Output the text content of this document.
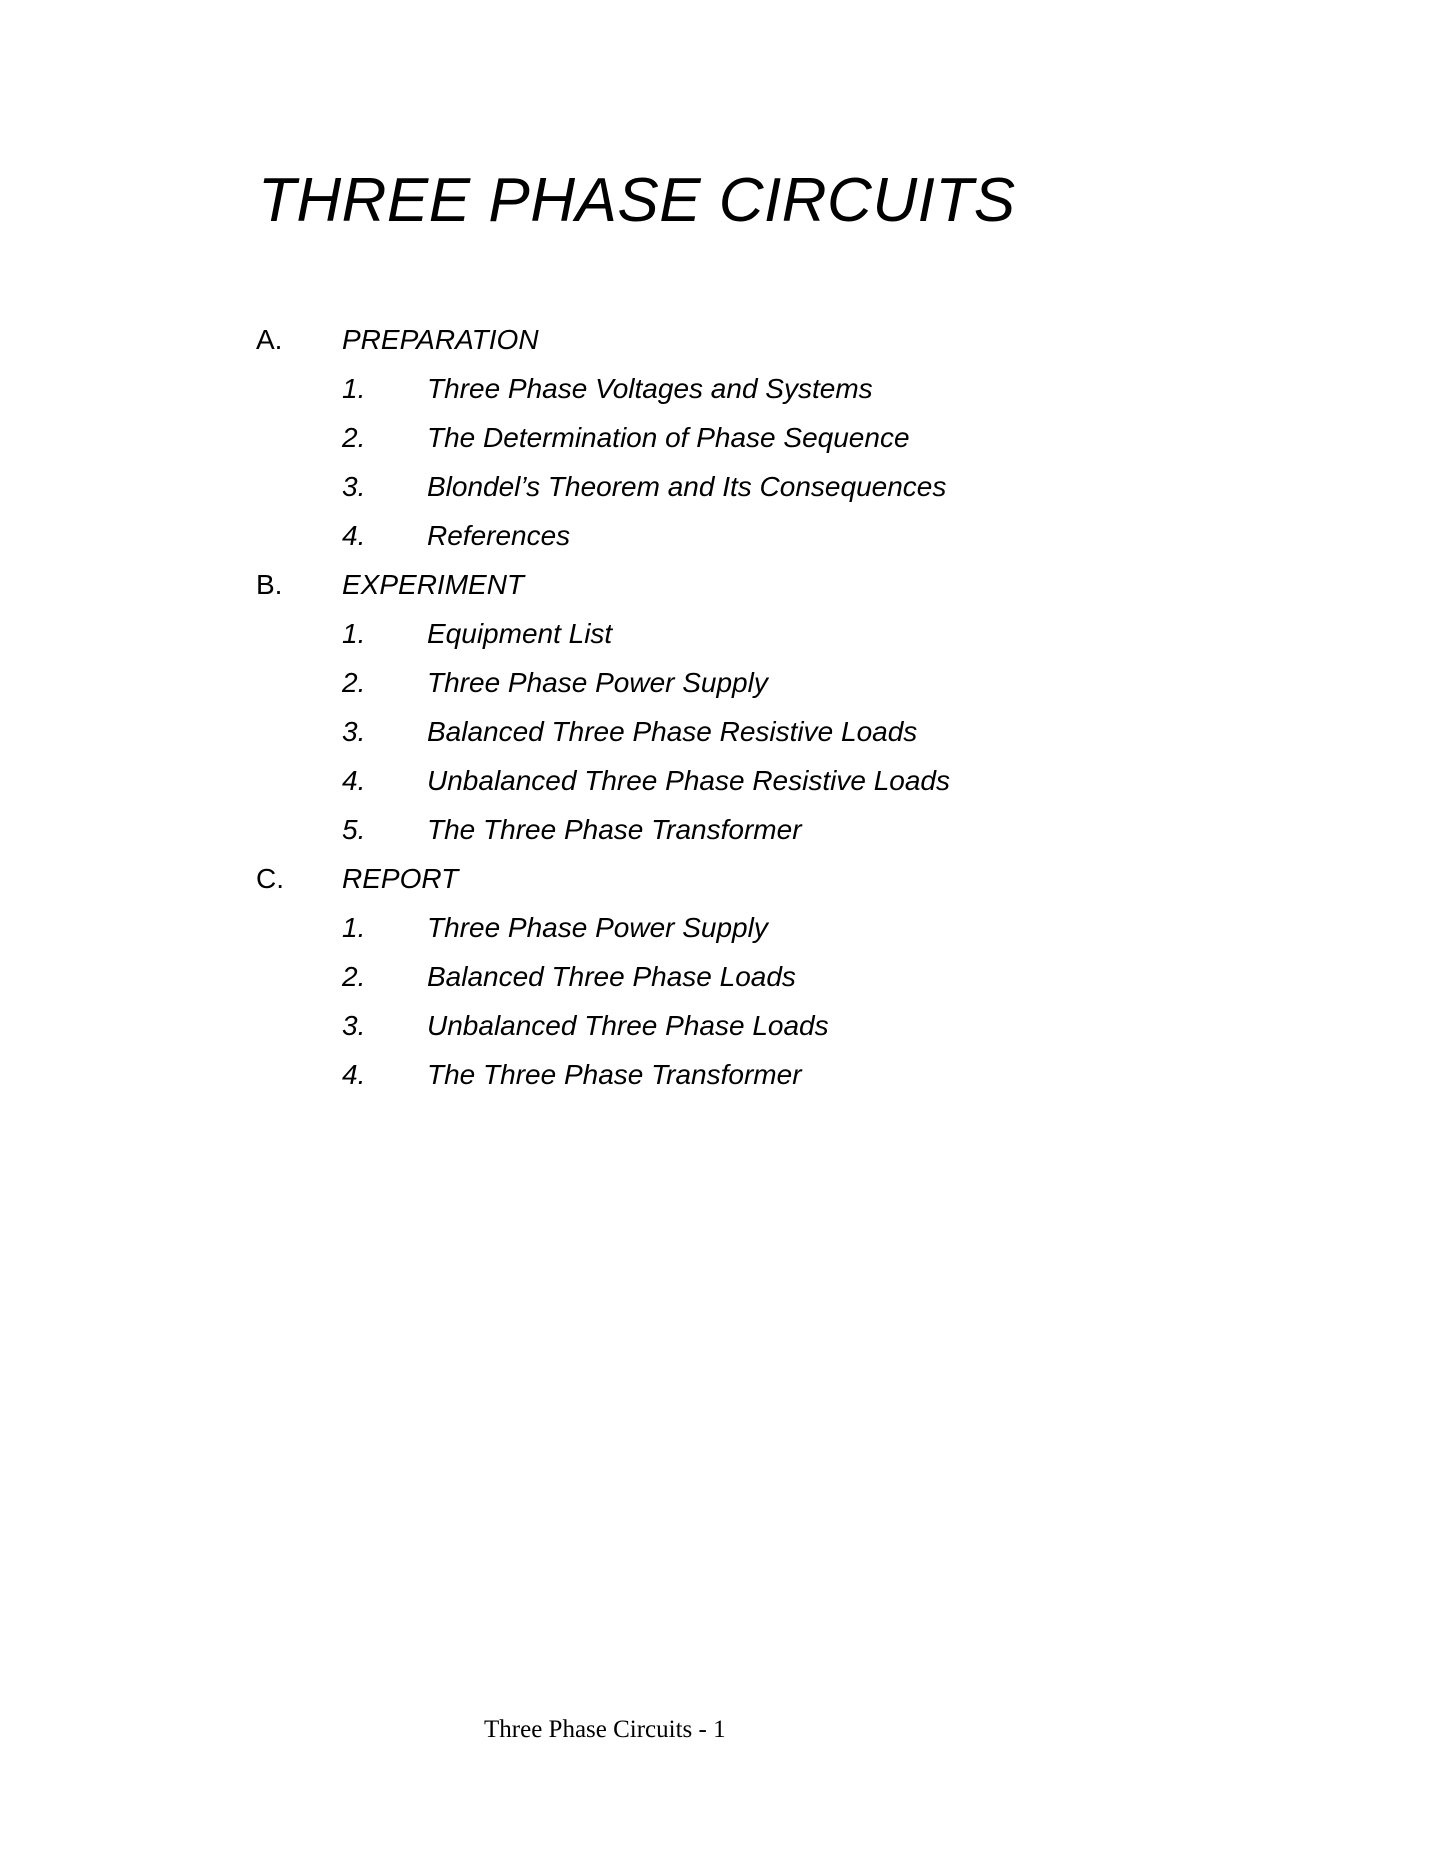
THREE PHASE CIRCUITS
A. PREPARATION
1. Three Phase Voltages and Systems
2. The Determination of Phase Sequence
3. Blondel’s Theorem and Its Consequences
4. References
B. EXPERIMENT
1. Equipment List
2. Three Phase Power Supply
3. Balanced Three Phase Resistive Loads
4. Unbalanced Three Phase Resistive Loads
5. The Three Phase Transformer
C. REPORT
1. Three Phase Power Supply
2. Balanced Three Phase Loads
3. Unbalanced Three Phase Loads
4. The Three Phase Transformer
Three Phase Circuits - 1
